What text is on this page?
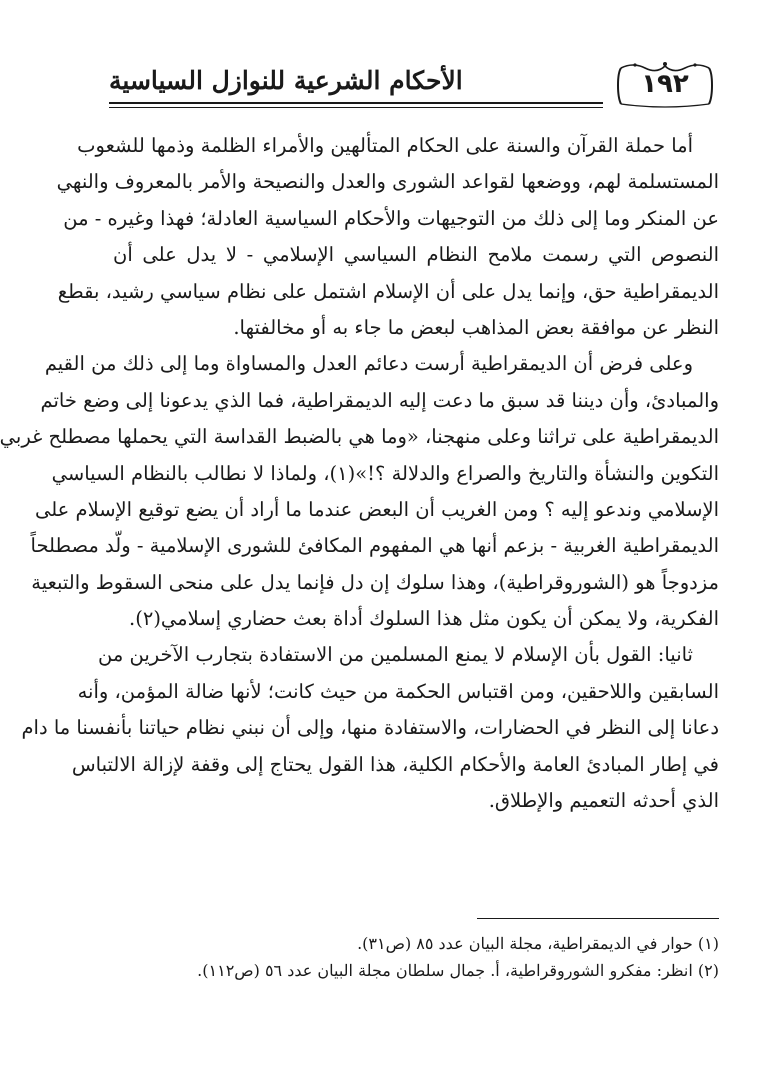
١٩٢
الأحكام الشرعية للنوازل السياسية
أما حملة القرآن والسنة على الحكام المتألهين والأمراء الظلمة وذمها للشعوب
المستسلمة لهم، ووضعها لقواعد الشورى والعدل والنصيحة والأمر بالمعروف والنهي
عن المنكر وما إلى ذلك من التوجيهات والأحكام السياسية العادلة؛ فهذا وغيره - من
النصوص التي رسمت ملامح النظام السياسي الإسلامي - لا يدل على أن
الديمقراطية حق، وإنما يدل على أن الإسلام اشتمل على نظام سياسي رشيد، بقطع
النظر عن موافقة بعض المذاهب لبعض ما جاء به أو مخالفتها.
وعلى فرض أن الديمقراطية أرست دعائم العدل والمساواة وما إلى ذلك من القيم
والمبادئ، وأن ديننا قد سبق ما دعت إليه الديمقراطية، فما الذي يدعونا إلى وضع خاتم
الديمقراطية على تراثنا وعلى منهجنا، «وما هي بالضبط القداسة التي يحملها مصطلح غربي
التكوين والنشأة والتاريخ والصراع والدلالة ؟!»(١)، ولماذا لا نطالب بالنظام السياسي
الإسلامي وندعو إليه ؟ ومن الغريب أن البعض عندما ما أراد أن يضع توقيع الإسلام على
الديمقراطية الغربية - بزعم أنها هي المفهوم المكافئ للشورى الإسلامية - ولّد مصطلحاً
مزدوجاً هو (الشوروقراطية)، وهذا سلوك إن دل فإنما يدل على منحى السقوط والتبعية
الفكرية، ولا يمكن أن يكون مثل هذا السلوك أداة بعث حضاري إسلامي(٢).
ثانيا: القول بأن الإسلام لا يمنع المسلمين من الاستفادة بتجارب الآخرين من
السابقين واللاحقين، ومن اقتباس الحكمة من حيث كانت؛ لأنها ضالة المؤمن، وأنه
دعانا إلى النظر في الحضارات، والاستفادة منها، وإلى أن نبني نظام حياتنا بأنفسنا ما دام
في إطار المبادئ العامة والأحكام الكلية، هذا القول يحتاج إلى وقفة لإزالة الالتباس
الذي أحدثه التعميم والإطلاق.
(١) حوار في الديمقراطية، مجلة البيان عدد ٨٥ (ص٣١).
(٢) انظر: مفكرو الشوروقراطية، أ. جمال سلطان مجلة البيان عدد ٥٦ (ص١١٢).
